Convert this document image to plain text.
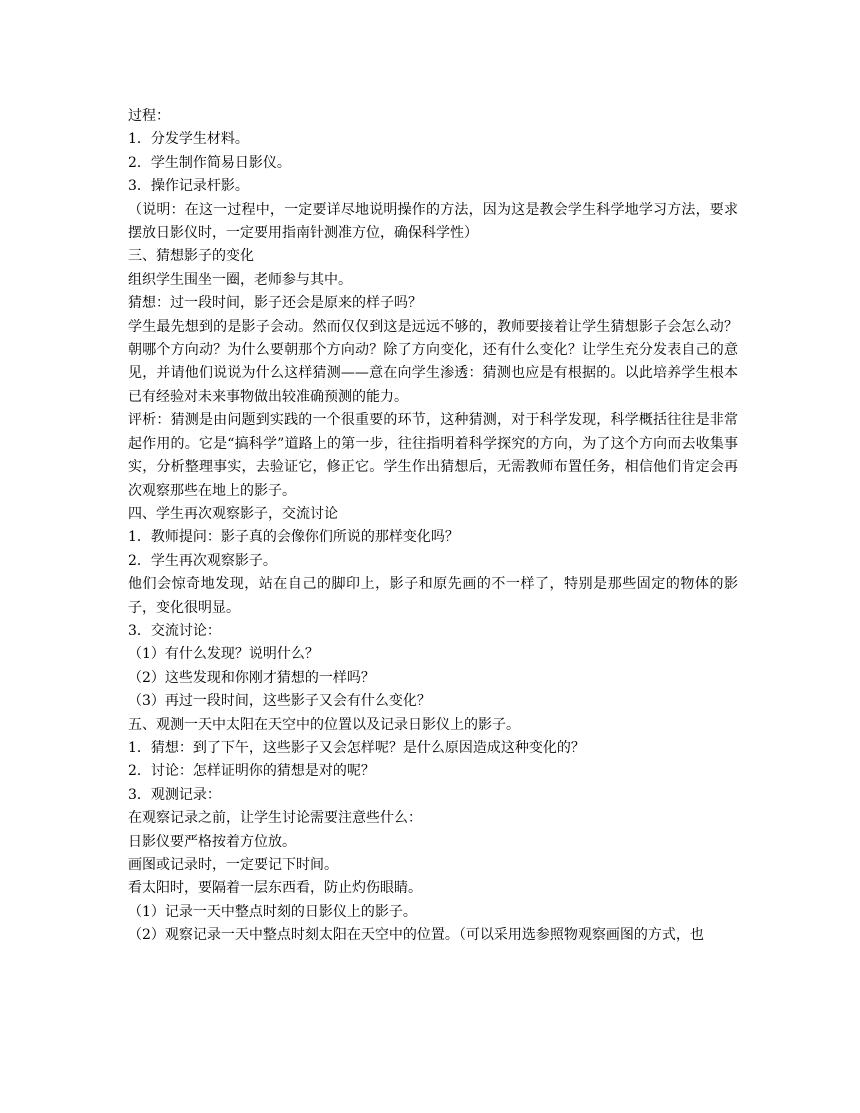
过程：
1．分发学生材料。
2．学生制作简易日影仪。
3．操作记录杆影。
（说明：在这一过程中，一定要详尽地说明操作的方法，因为这是教会学生科学地学习方法，要求摆放日影仪时，一定要用指南针测准方位，确保科学性）
三、猜想影子的变化
组织学生围坐一圈，老师参与其中。
猜想：过一段时间，影子还会是原来的样子吗？
学生最先想到的是影子会动。然而仅仅到这是远远不够的，教师要接着让学生猜想影子会怎么动？朝哪个方向动？为什么要朝那个方向动？除了方向变化，还有什么变化？让学生充分发表自己的意见，并请他们说说为什么这样猜测——意在向学生渗透：猜测也应是有根据的。以此培养学生根本已有经验对未来事物做出较准确预测的能力。
评析：猜测是由问题到实践的一个很重要的环节，这种猜测，对于科学发现，科学概括往往是非常起作用的。它是“搞科学”道路上的第一步，往往指明着科学探究的方向，为了这个方向而去收集事实，分析整理事实，去验证它，修正它。学生作出猜想后，无需教师布置任务，相信他们肯定会再次观察那些在地上的影子。
四、学生再次观察影子，交流讨论
1．教师提问：影子真的会像你们所说的那样变化吗？
2．学生再次观察影子。
他们会惊奇地发现，站在自己的脚印上，影子和原先画的不一样了，特别是那些固定的物体的影子，变化很明显。
3．交流讨论：
（1）有什么发现？说明什么？
（2）这些发现和你刚才猜想的一样吗？
（3）再过一段时间，这些影子又会有什么变化？
五、观测一天中太阳在天空中的位置以及记录日影仪上的影子。
1．猜想：到了下午，这些影子又会怎样呢？是什么原因造成这种变化的？
2．讨论：怎样证明你的猜想是对的呢？
3．观测记录：
在观察记录之前，让学生讨论需要注意些什么：
日影仪要严格按着方位放。
画图或记录时，一定要记下时间。
看太阳时，要隔着一层东西看，防止灼伤眼睛。
（1）记录一天中整点时刻的日影仪上的影子。
（2）观察记录一天中整点时刻太阳在天空中的位置。（可以采用选参照物观察画图的方式，也
